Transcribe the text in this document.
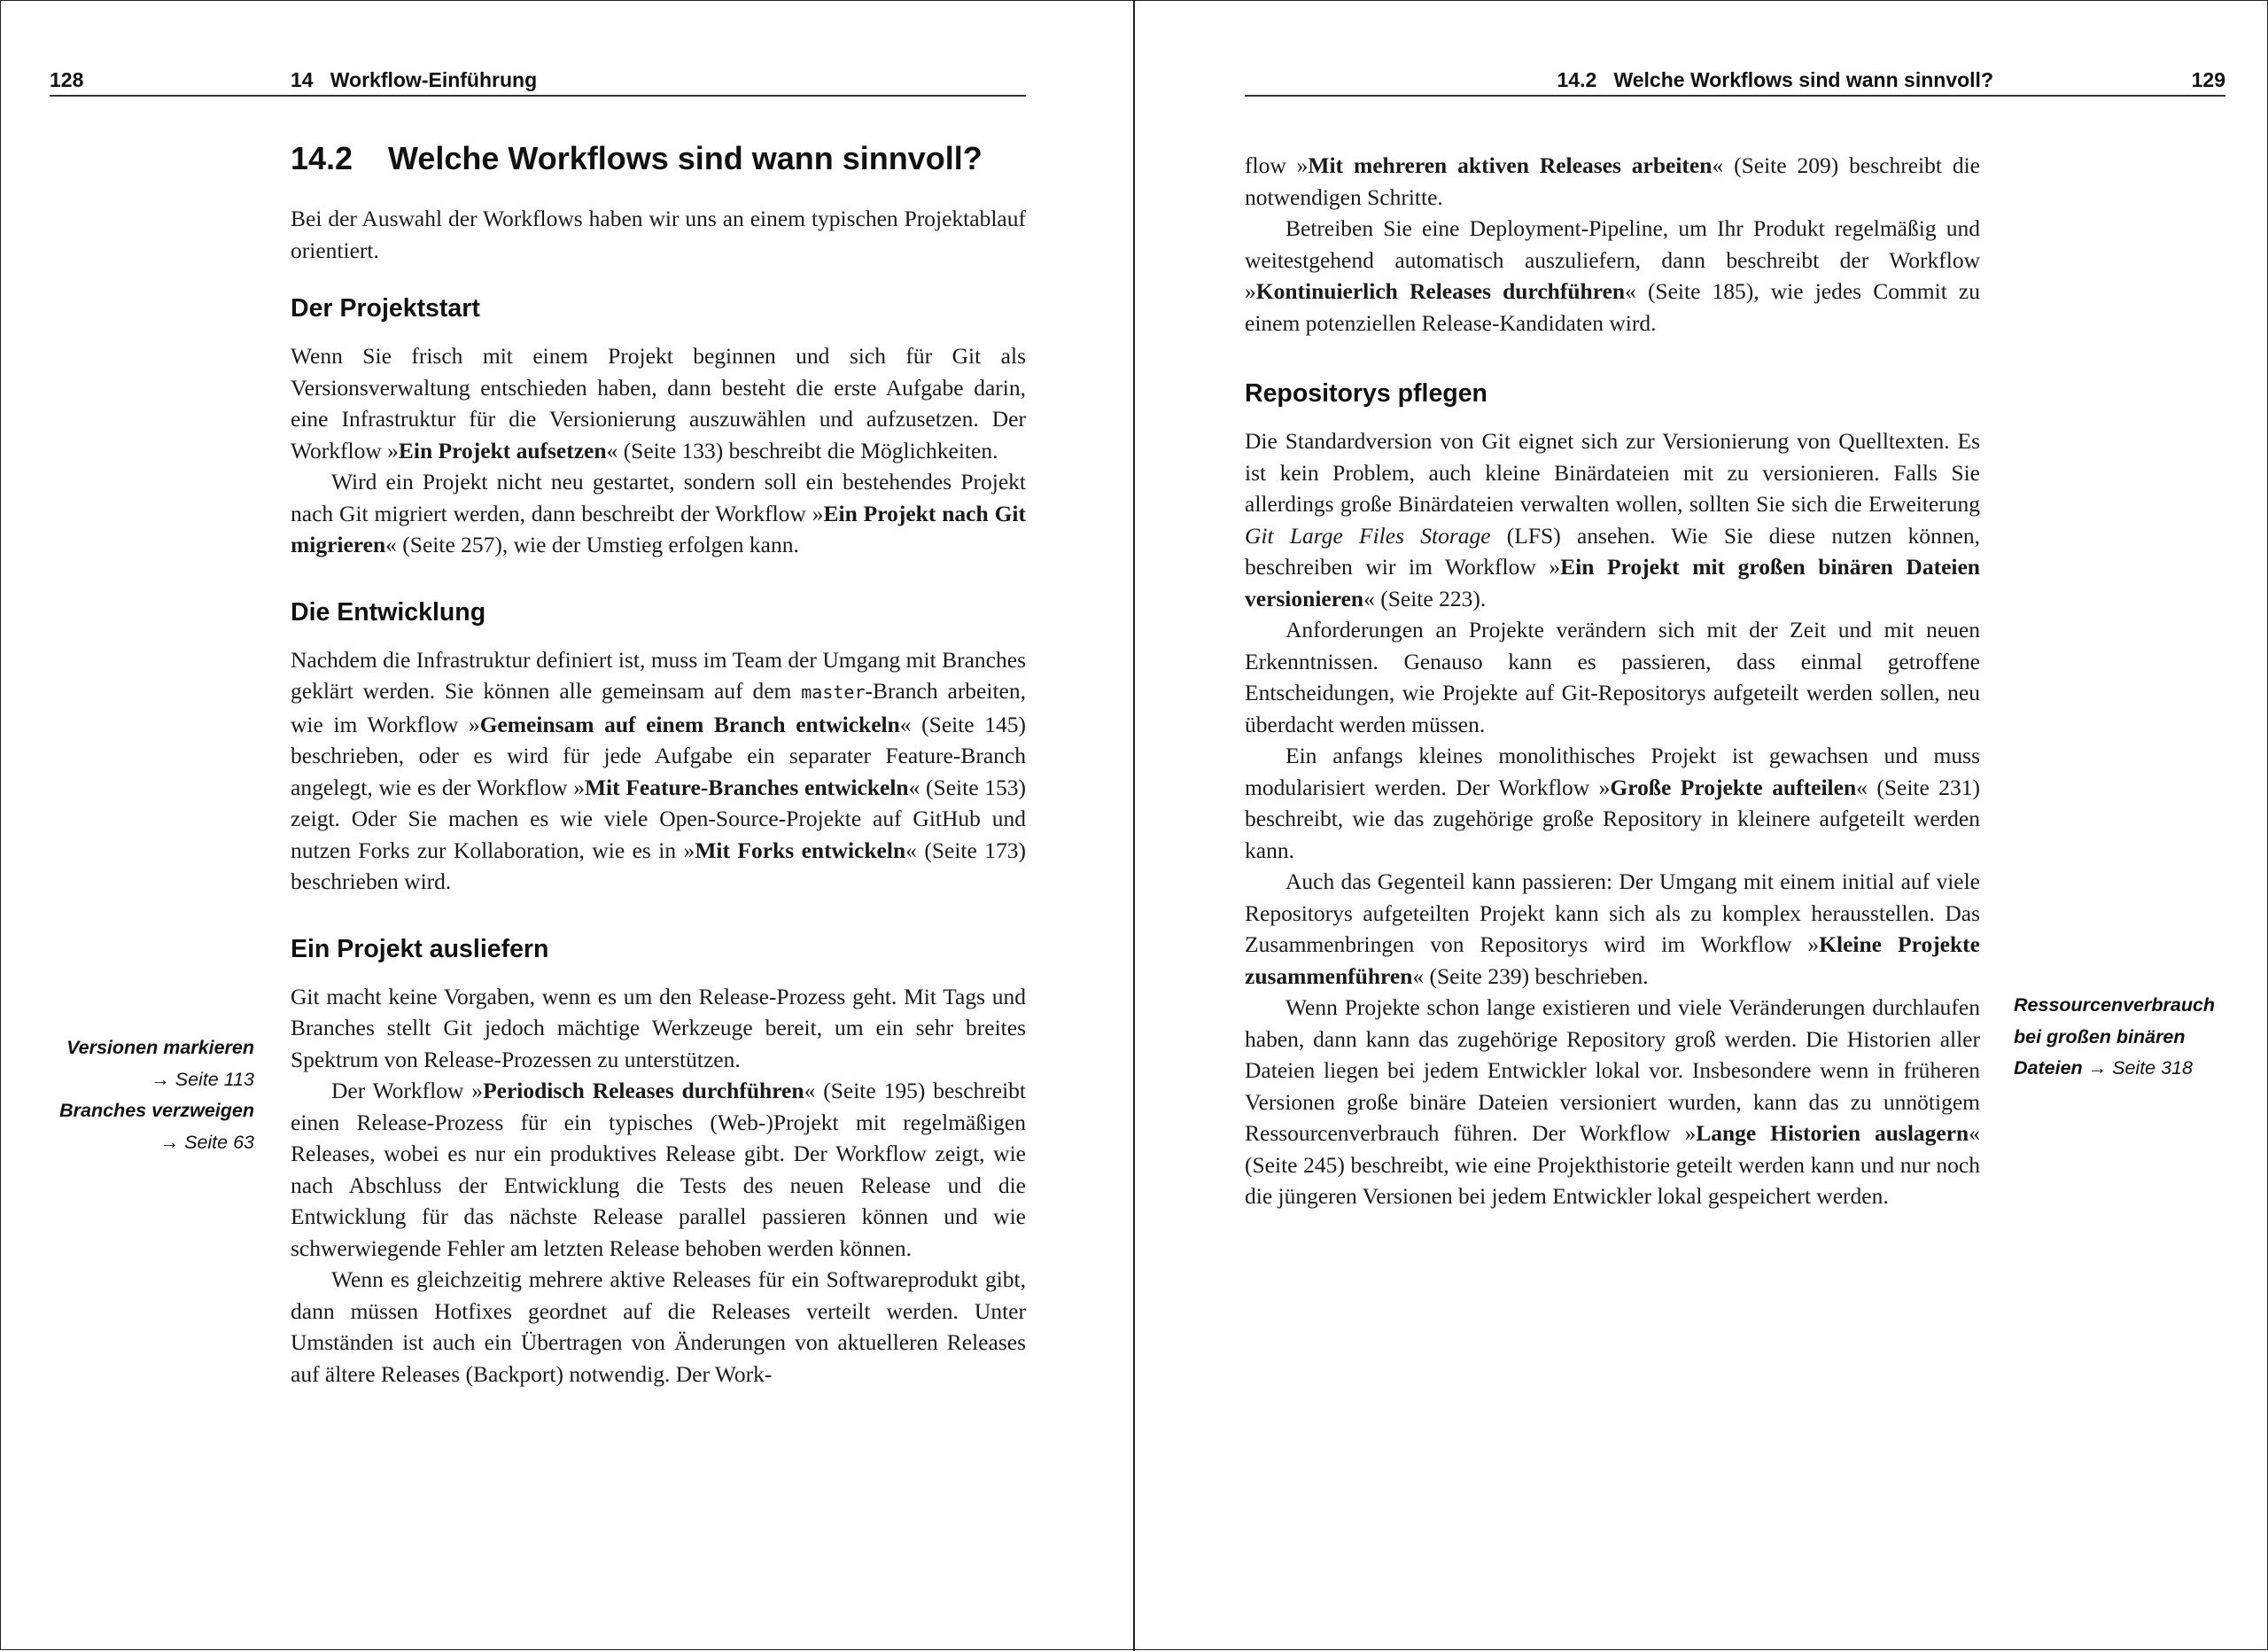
128	14   Workflow-Einführung
14.2 Welche Workflows sind wann sinnvoll?

Bei der Auswahl der Workflows haben wir uns an einem typischen Projektablauf orientiert.

Der Projektstart

Wenn Sie frisch mit einem Projekt beginnen und sich für Git als Versionsverwaltung entschieden haben, dann besteht die erste Aufgabe darin, eine Infrastruktur für die Versionierung auszuwählen und aufzusetzen. Der Workflow »Ein Projekt aufsetzen« (Seite 133) beschreibt die Möglichkeiten.

Wird ein Projekt nicht neu gestartet, sondern soll ein bestehendes Projekt nach Git migriert werden, dann beschreibt der Workflow »Ein Projekt nach Git migrieren« (Seite 257), wie der Umstieg erfolgen kann.

Die Entwicklung

Nachdem die Infrastruktur definiert ist, muss im Team der Umgang mit Branches geklärt werden. Sie können alle gemeinsam auf dem master-Branch arbeiten, wie im Workflow »Gemeinsam auf einem Branch entwickeln« (Seite 145) beschrieben, oder es wird für jede Aufgabe ein separater Feature-Branch angelegt, wie es der Workflow »Mit Feature-Branches entwickeln« (Seite 153) zeigt. Oder Sie machen es wie viele Open-Source-Projekte auf GitHub und nutzen Forks zur Kollaboration, wie es in »Mit Forks entwickeln« (Seite 173) beschrieben wird.

Ein Projekt ausliefern

Git macht keine Vorgaben, wenn es um den Release-Prozess geht. Mit Tags und Branches stellt Git jedoch mächtige Werkzeuge bereit, um ein sehr breites Spektrum von Release-Prozessen zu unterstützen.

Der Workflow »Periodisch Releases durchführen« (Seite 195) beschreibt einen Release-Prozess für ein typisches (Web-)Projekt mit regelmäßigen Releases, wobei es nur ein produktives Release gibt. Der Workflow zeigt, wie nach Abschluss der Entwicklung die Tests des neuen Release und die Entwicklung für das nächste Release parallel passieren können und wie schwerwiegende Fehler am letzten Release behoben werden können.

Wenn es gleichzeitig mehrere aktive Releases für ein Softwareprodukt gibt, dann müssen Hotfixes geordnet auf die Releases verteilt werden. Unter Umständen ist auch ein Übertragen von Änderungen von aktuelleren Releases auf ältere Releases (Backport) notwendig. Der Work-

Versionen markieren
→ Seite 113
Branches verzweigen
→ Seite 63
14.2   Welche Workflows sind wann sinnvoll?	129

flow »Mit mehreren aktiven Releases arbeiten« (Seite 209) beschreibt die notwendigen Schritte.

Betreiben Sie eine Deployment-Pipeline, um Ihr Produkt regelmäßig und weitestgehend automatisch auszuliefern, dann beschreibt der Workflow »Kontinuierlich Releases durchführen« (Seite 185), wie jedes Commit zu einem potenziellen Release-Kandidaten wird.

Repositorys pflegen

Die Standardversion von Git eignet sich zur Versionierung von Quelltexten. Es ist kein Problem, auch kleine Binärdateien mit zu versionieren. Falls Sie allerdings große Binärdateien verwalten wollen, sollten Sie sich die Erweiterung Git Large Files Storage (LFS) ansehen. Wie Sie diese nutzen können, beschreiben wir im Workflow »Ein Projekt mit großen binären Dateien versionieren« (Seite 223).

Anforderungen an Projekte verändern sich mit der Zeit und mit neuen Erkenntnissen. Genauso kann es passieren, dass einmal getroffene Entscheidungen, wie Projekte auf Git-Repositorys aufgeteilt werden sollen, neu überdacht werden müssen.

Ein anfangs kleines monolithisches Projekt ist gewachsen und muss modularisiert werden. Der Workflow »Große Projekte aufteilen« (Seite 231) beschreibt, wie das zugehörige große Repository in kleinere aufgeteilt werden kann.

Auch das Gegenteil kann passieren: Der Umgang mit einem initial auf viele Repositorys aufgeteilten Projekt kann sich als zu komplex herausstellen. Das Zusammenbringen von Repositorys wird im Workflow »Kleine Projekte zusammenführen« (Seite 239) beschrieben.

Wenn Projekte schon lange existieren und viele Veränderungen durchlaufen haben, dann kann das zugehörige Repository groß werden. Die Historien aller Dateien liegen bei jedem Entwickler lokal vor. Insbesondere wenn in früheren Versionen große binäre Dateien versioniert wurden, kann das zu unnötigem Ressourcenverbrauch führen. Der Workflow »Lange Historien auslagern« (Seite 245) beschreibt, wie eine Projekthistorie geteilt werden kann und nur noch die jüngeren Versionen bei jedem Entwickler lokal gespeichert werden.

Ressourcenverbrauch
bei großen binären
Dateien → Seite 318
